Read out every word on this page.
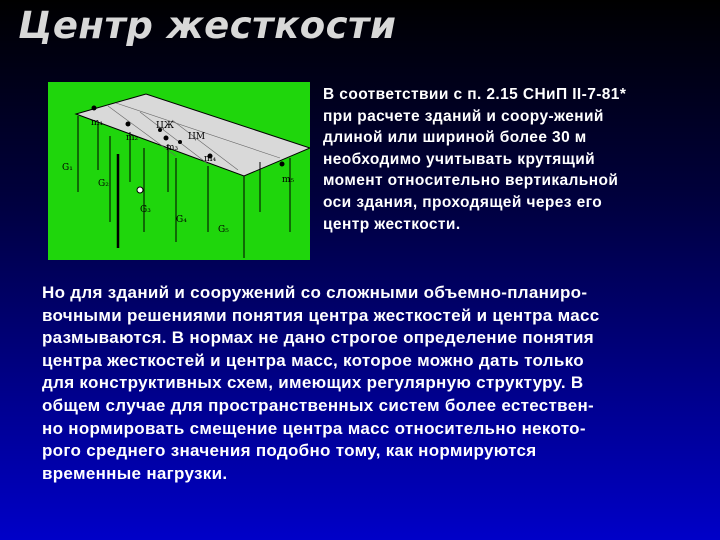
Центр жесткости
m₁
m₂
m₃
m₄
m₅
ЦЖ
ЦМ
G₁
G₂
G₃
G₄
G₅
В соответствии с п. 2.15 СНиП II-7-81*
при расчете зданий и соору-жений
длиной или шириной более 30 м
необходимо учитывать крутящий
момент относительно вертикальной
оси здания, проходящей через его
центр жесткости.
Но для зданий и сооружений со сложными объемно-планиро-
вочными решениями понятия центра жесткостей и центра масс
размываются. В нормах не дано строгое определение понятия
центра жесткостей и центра масс, которое можно дать только
для конструктивных схем, имеющих регулярную структуру. В
общем случае для пространственных систем более естествен-
но нормировать смещение центра масс относительно некото-
рого среднего значения подобно тому, как нормируются
временные нагрузки.
